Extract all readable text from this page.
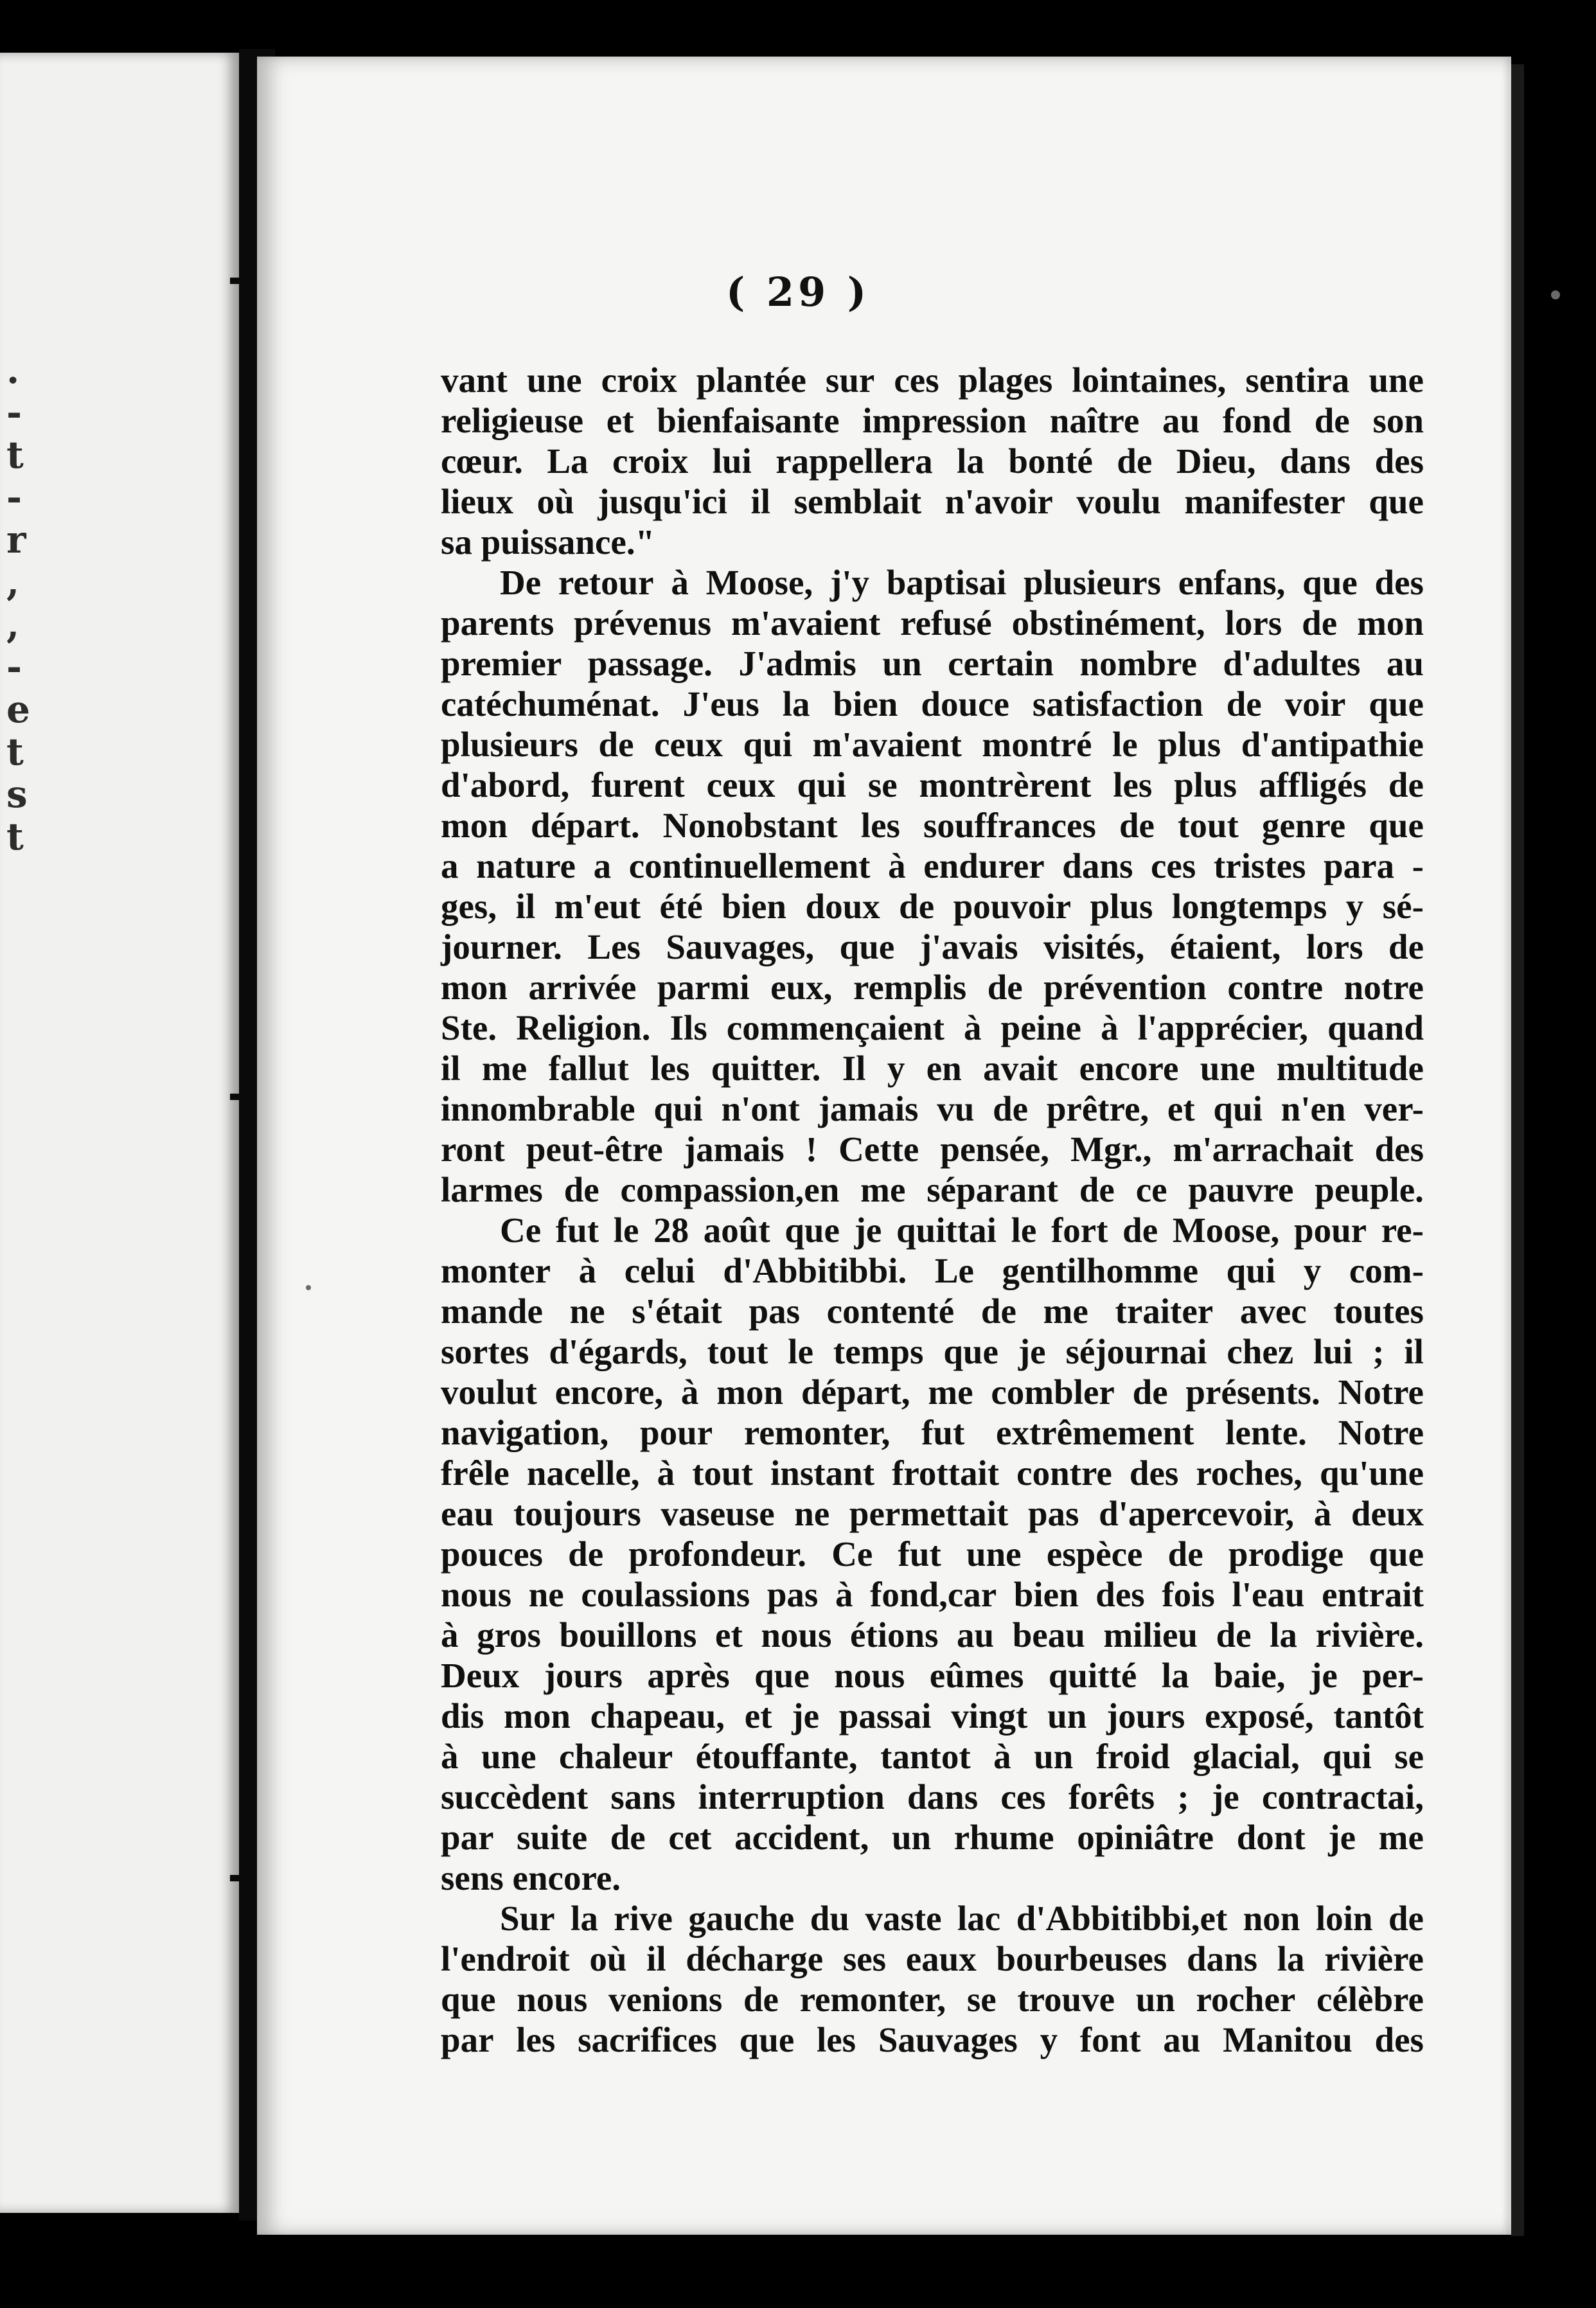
.
-
t
-
r
,
,
-
e
t
s
t
( 29 )
vant une croix plantée sur ces plages lointaines, sentira une
religieuse et bienfaisante impression naître au fond de son
cœur. La croix lui rappellera la bonté de Dieu, dans des
lieux où jusqu'ici il semblait n'avoir voulu manifester que
sa puissance."
De retour à Moose, j'y baptisai plusieurs enfans, que des
parents prévenus m'avaient refusé obstinément, lors de mon
premier passage. J'admis un certain nombre d'adultes au
catéchuménat. J'eus la bien douce satisfaction de voir que
plusieurs de ceux qui m'avaient montré le plus d'antipathie
d'abord, furent ceux qui se montrèrent les plus affligés de
mon départ. Nonobstant les souffrances de tout genre que
a nature a continuellement à endurer dans ces tristes para -
ges, il m'eut été bien doux de pouvoir plus longtemps y sé-
journer. Les Sauvages, que j'avais visités, étaient, lors de
mon arrivée parmi eux, remplis de prévention contre notre
Ste. Religion. Ils commençaient à peine à l'apprécier, quand
il me fallut les quitter. Il y en avait encore une multitude
innombrable qui n'ont jamais vu de prêtre, et qui n'en ver-
ront peut-être jamais ! Cette pensée, Mgr., m'arrachait des
larmes de compassion,en me séparant de ce pauvre peuple.
Ce fut le 28 août que je quittai le fort de Moose, pour re-
monter à celui d'Abbitibbi. Le gentilhomme qui y com-
mande ne s'était pas contenté de me traiter avec toutes
sortes d'égards, tout le temps que je séjournai chez lui ; il
voulut encore, à mon départ, me combler de présents. Notre
navigation, pour remonter, fut extrêmement lente. Notre
frêle nacelle, à tout instant frottait contre des roches, qu'une
eau toujours vaseuse ne permettait pas d'apercevoir, à deux
pouces de profondeur. Ce fut une espèce de prodige que
nous ne coulassions pas à fond,car bien des fois l'eau entrait
à gros bouillons et nous étions au beau milieu de la rivière.
Deux jours après que nous eûmes quitté la baie, je per-
dis mon chapeau, et je passai vingt un jours exposé, tantôt
à une chaleur étouffante, tantot à un froid glacial, qui se
succèdent sans interruption dans ces forêts ; je contractai,
par suite de cet accident, un rhume opiniâtre dont je me
sens encore.
Sur la rive gauche du vaste lac d'Abbitibbi,et non loin de
l'endroit où il décharge ses eaux bourbeuses dans la rivière
que nous venions de remonter, se trouve un rocher célèbre
par les sacrifices que les Sauvages y font au Manitou des
